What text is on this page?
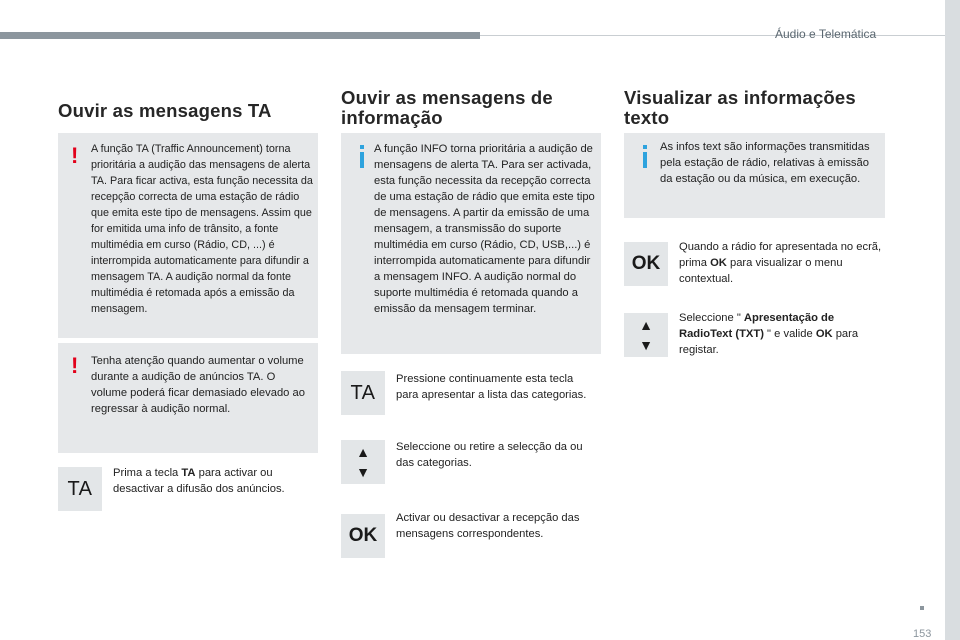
Áudio e Telemática
Ouvir as mensagens TA
! A função TA (Traffic Announcement) torna prioritária a audição das mensagens de alerta TA. Para ficar activa, esta função necessita da recepção correcta de uma estação de rádio que emita este tipo de mensagens. Assim que for emitida uma info de trânsito, a fonte multimédia em curso (Rádio, CD, ...) é interrompida automaticamente para difundir a mensagem TA. A audição normal da fonte multimédia é retomada após a emissão da mensagem.
! Tenha atenção quando aumentar o volume durante a audição de anúncios TA. O volume poderá ficar demasiado elevado ao regressar à audição normal.
TA
Prima a tecla TA para activar ou desactivar a difusão dos anúncios.
Ouvir as mensagens de
informação
A função INFO torna prioritária a audição de mensagens de alerta TA. Para ser activada, esta função necessita da recepção correcta de uma estação de rádio que emita este tipo de mensagens. A partir da emissão de uma mensagem, a transmissão do suporte multimédia em curso (Rádio, CD, USB,...) é interrompida automaticamente para difundir a mensagem INFO. A audição normal do suporte multimédia é retomada quando a emissão da mensagem terminar.
TA
Pressione continuamente esta tecla para apresentar a lista das categorias.
▲
▼
Seleccione ou retire a selecção da ou das categorias.
OK
Activar ou desactivar a recepção das mensagens correspondentes.
Visualizar as informações
texto
As infos text são informações transmitidas pela estação de rádio, relativas à emissão da estação ou da música, em execução.
OK
Quando a rádio for apresentada no ecrã, prima OK para visualizar o menu contextual.
▲
▼
Seleccione " Apresentação de RadioText (TXT) " e valide OK para registar.
153
